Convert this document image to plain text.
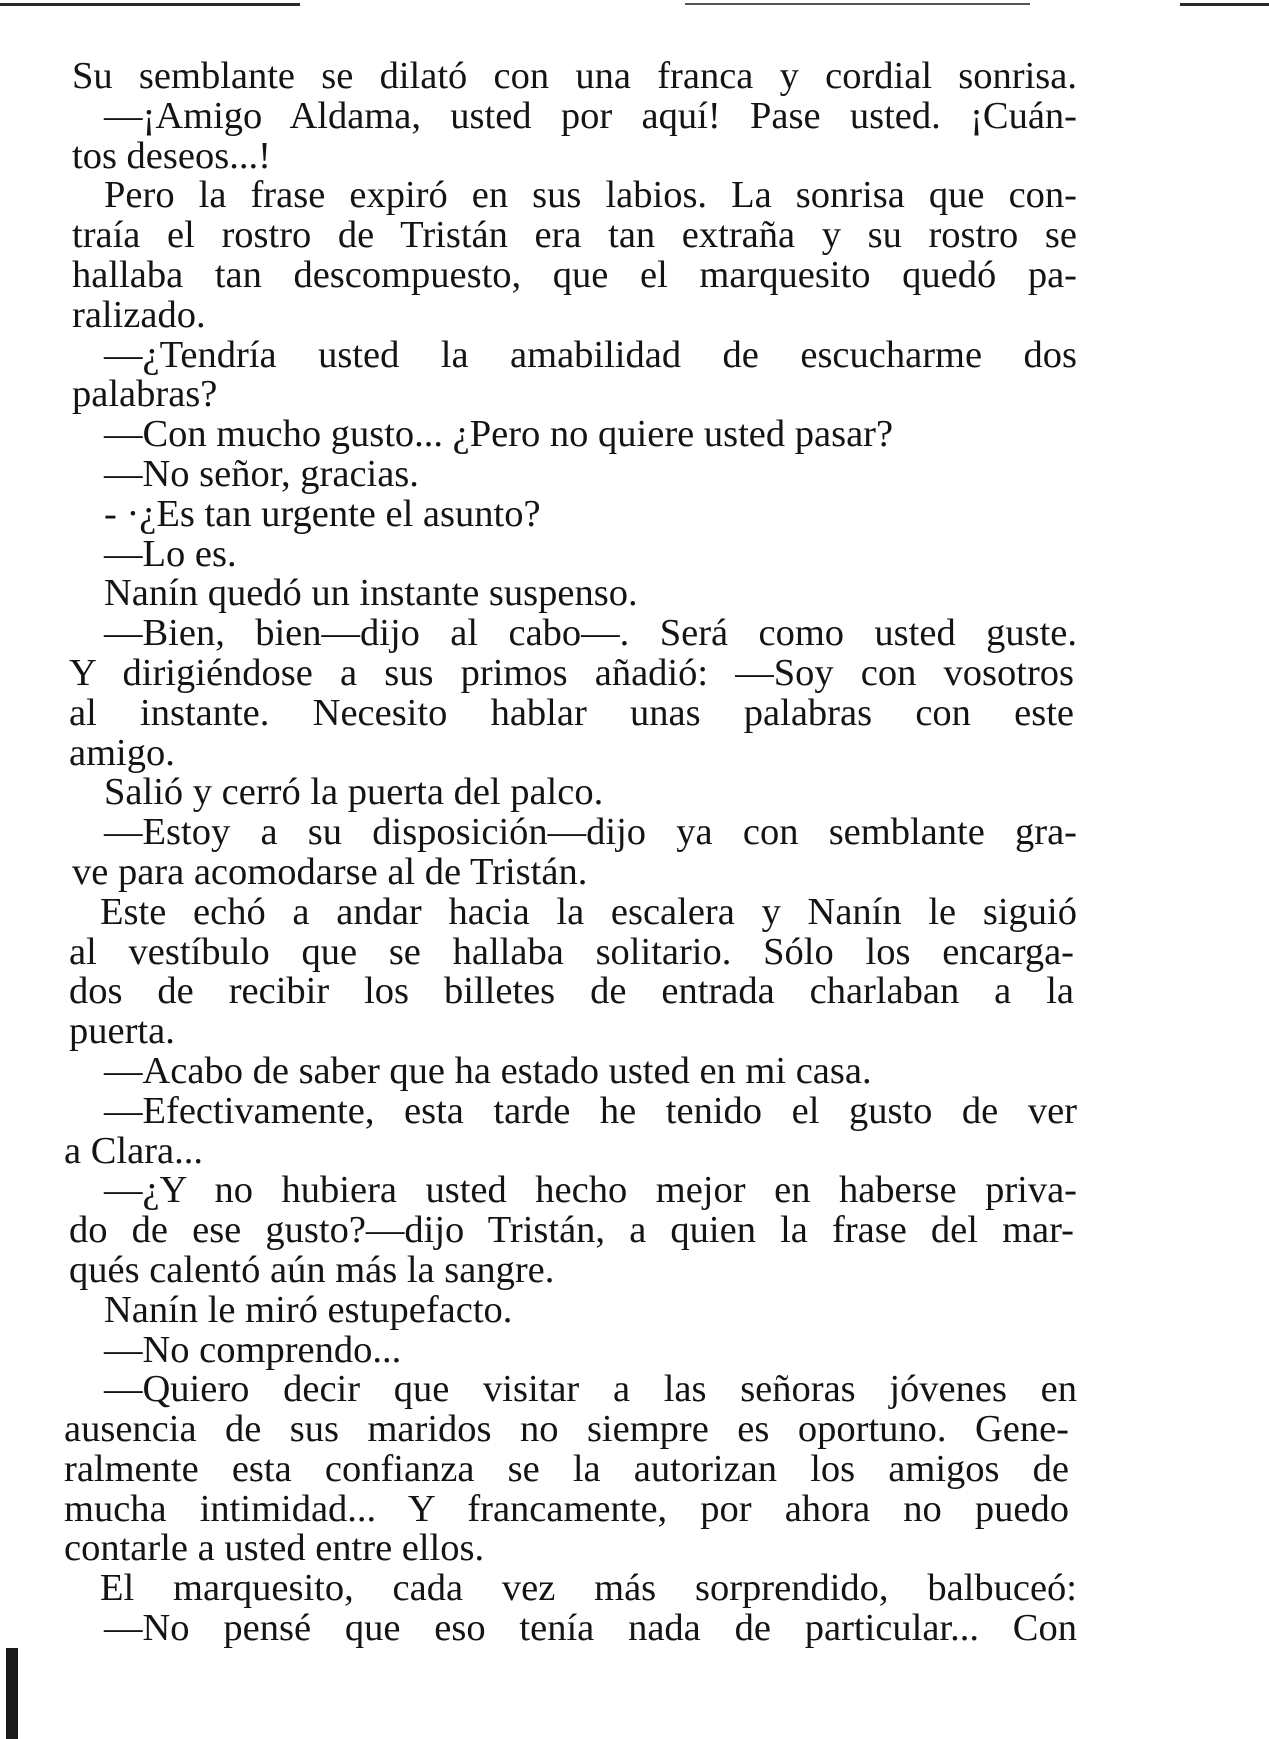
Su semblante se dilató con una franca y cordial sonrisa.
—¡Amigo Aldama, usted por aquí! Pase usted. ¡Cuán-
tos deseos...!
Pero la frase expiró en sus labios. La sonrisa que con-
traía el rostro de Tristán era tan extraña y su rostro se
hallaba tan descompuesto, que el marquesito quedó pa-
ralizado.
—¿Tendría usted la amabilidad de escucharme dos
palabras?
—Con mucho gusto... ¿Pero no quiere usted pasar?
—No señor, gracias.
- ·¿Es tan urgente el asunto?
—Lo es.
Nanín quedó un instante suspenso.
—Bien, bien—dijo al cabo—. Será como usted guste.
Y dirigiéndose a sus primos añadió: —Soy con vosotros
al instante. Necesito hablar unas palabras con este
amigo.
Salió y cerró la puerta del palco.
—Estoy a su disposición—dijo ya con semblante gra-
ve para acomodarse al de Tristán.
Este echó a andar hacia la escalera y Nanín le siguió
al vestíbulo que se hallaba solitario. Sólo los encarga-
dos de recibir los billetes de entrada charlaban a la
puerta.
—Acabo de saber que ha estado usted en mi casa.
—Efectivamente, esta tarde he tenido el gusto de ver
a Clara...
—¿Y no hubiera usted hecho mejor en haberse priva-
do de ese gusto?—dijo Tristán, a quien la frase del mar-
qués calentó aún más la sangre.
Nanín le miró estupefacto.
—No comprendo...
—Quiero decir que visitar a las señoras jóvenes en
ausencia de sus maridos no siempre es oportuno. Gene-
ralmente esta confianza se la autorizan los amigos de
mucha intimidad... Y francamente, por ahora no puedo
contarle a usted entre ellos.
El marquesito, cada vez más sorprendido, balbuceó:
—No pensé que eso tenía nada de particular... Con
